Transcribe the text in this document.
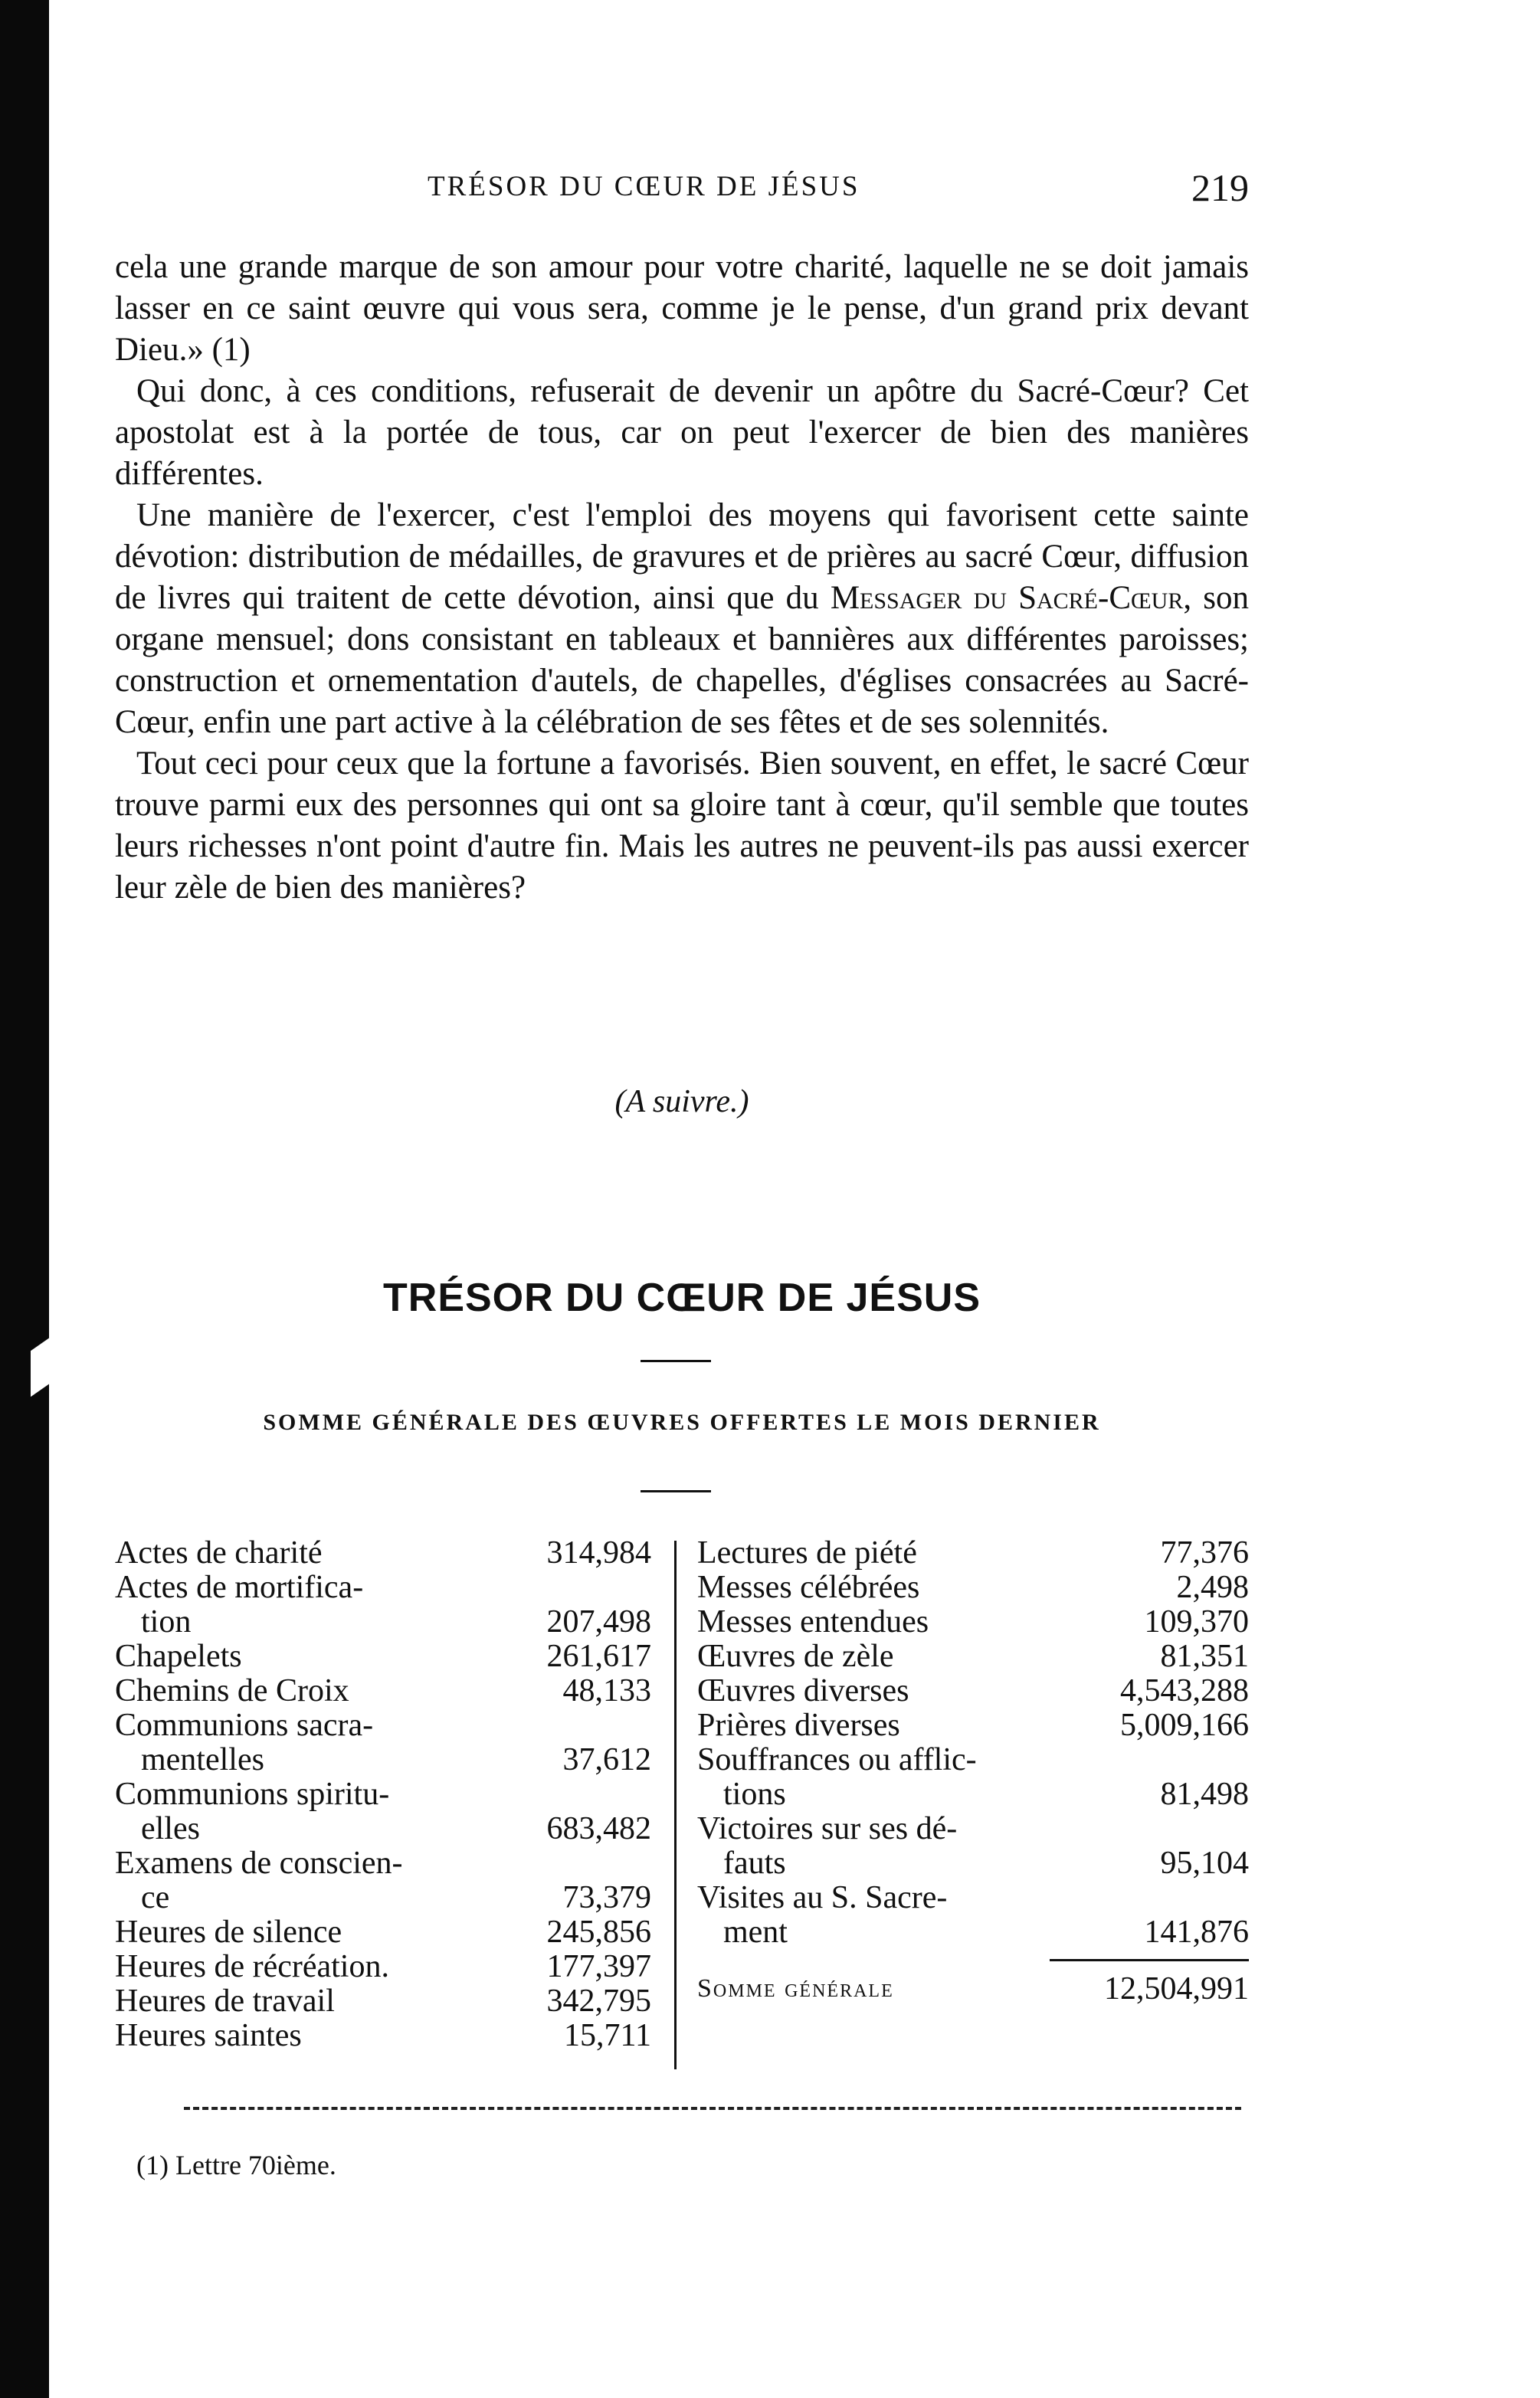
TRÉSOR DU CŒUR DE JÉSUS	219

cela une grande marque de son amour pour votre charité, laquelle ne se doit jamais lasser en ce saint œuvre qui vous sera, comme je le pense, d'un grand prix devant Dieu.» (1)

Qui donc, à ces conditions, refuserait de devenir un apôtre du Sacré-Cœur? Cet apostolat est à la portée de tous, car on peut l'exercer de bien des manières différentes.

Une manière de l'exercer, c'est l'emploi des moyens qui favorisent cette sainte dévotion: distribution de médailles, de gravures et de prières au sacré Cœur, diffusion de livres qui traitent de cette dévotion, ainsi que du Messager du Sacré-Cœur, son organe mensuel; dons consistant en tableaux et bannières aux différentes paroisses; construction et ornementation d'autels, de chapelles, d'églises consacrées au Sacré-Cœur, enfin une part active à la célébration de ses fêtes et de ses solennités.

Tout ceci pour ceux que la fortune a favorisés. Bien souvent, en effet, le sacré Cœur trouve parmi eux des personnes qui ont sa gloire tant à cœur, qu'il semble que toutes leurs richesses n'ont point d'autre fin. Mais les autres ne peuvent-ils pas aussi exercer leur zèle de bien des manières?

(A suivre.)
TRÉSOR DU CŒUR DE JÉSUS
SOMME GÉNÉRALE DES ŒUVRES OFFERTES LE MOIS DERNIER
Actes de charité	314,984
Actes de mortifica-
tion	207,498
Chapelets	261,617
Chemins de Croix	48,133
Communions sacra-
mentelles	37,612
Communions spiritu-
elles	683,482
Examens de conscien-
ce	73,379
Heures de silence	245,856
Heures de récréation.	177,397
Heures de travail	342,795
Heures saintes	15,711
Lectures de piété	77,376
Messes célébrées	2,498
Messes entendues	109,370
Œuvres de zèle	81,351
Œuvres diverses	4,543,288
Prières diverses	5,009,166
Souffrances ou afflic-
tions	81,498
Victoires sur ses dé-
fauts	95,104
Visites au S. Sacre-
ment	141,876
Somme générale	12,504,991
(1) Lettre 70ième.
